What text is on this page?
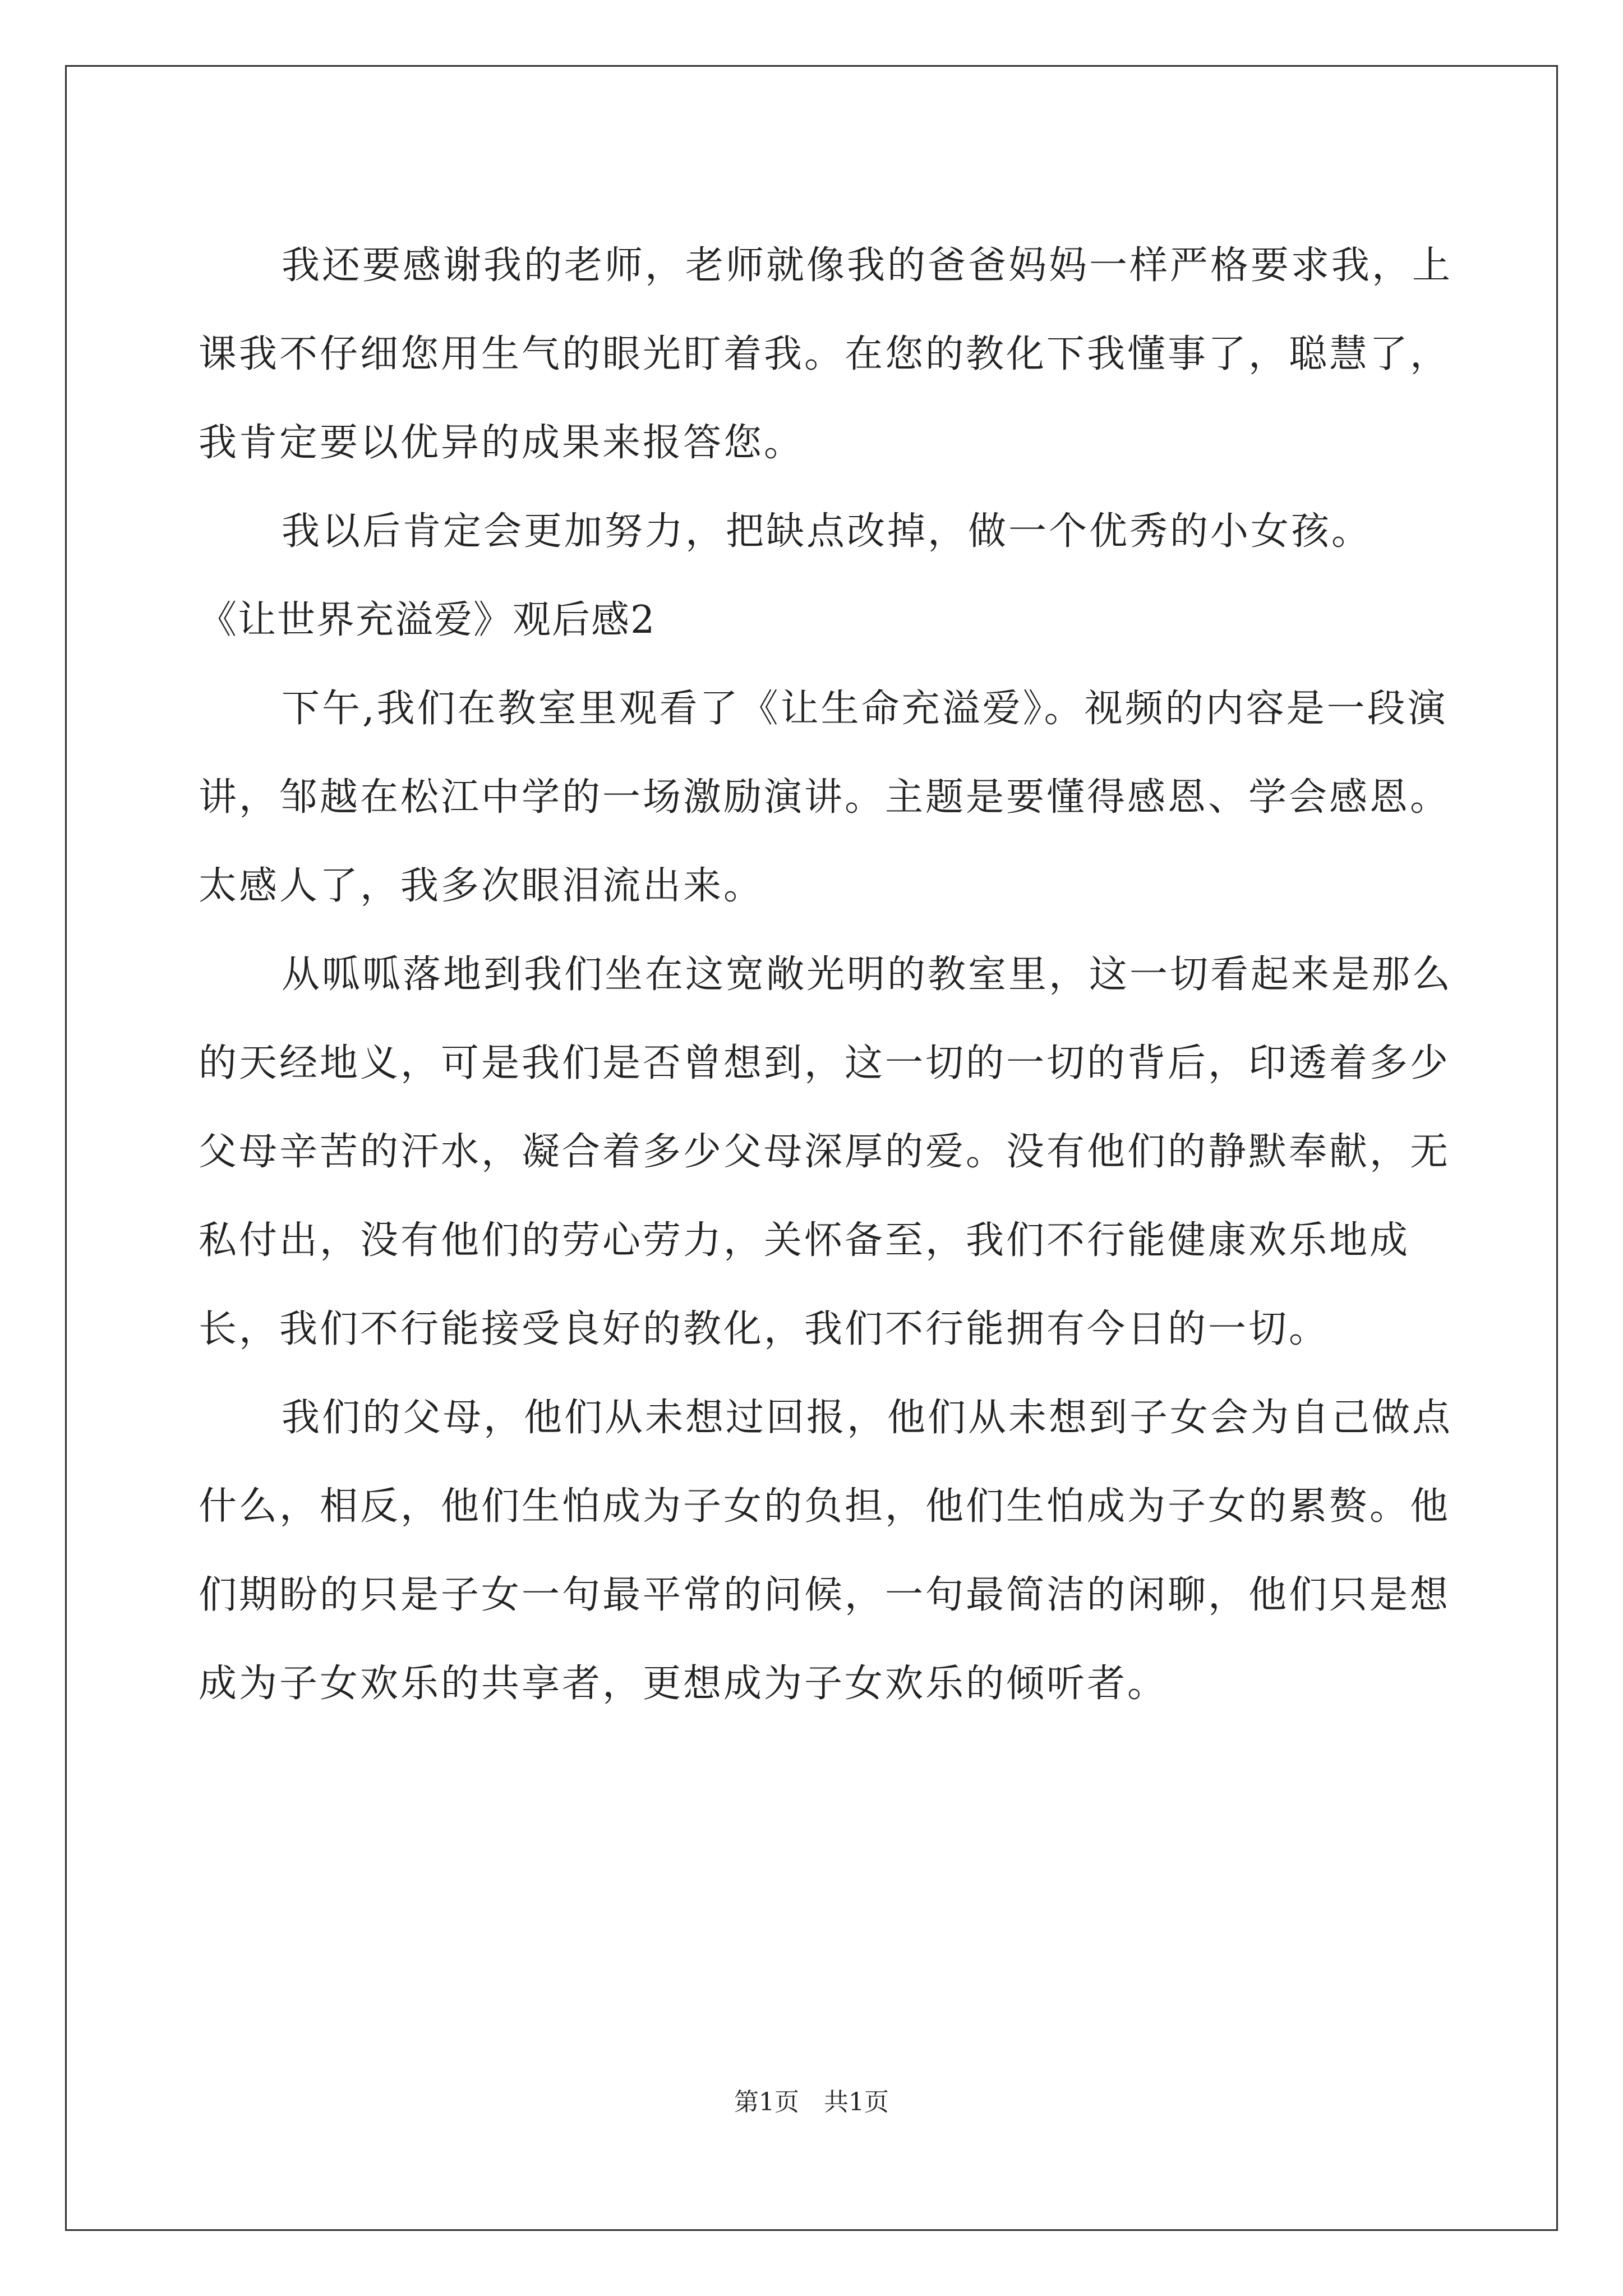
我还要感谢我的老师，老师就像我的爸爸妈妈一样严格要求我，上课我不仔细您用生气的眼光盯着我。在您的教化下我懂事了，聪慧了，我肯定要以优异的成果来报答您。

我以后肯定会更加努力，把缺点改掉，做一个优秀的小女孩。

《让世界充溢爱》观后感2

下午,我们在教室里观看了《让生命充溢爱》。视频的内容是一段演讲，邹越在松江中学的一场激励演讲。主题是要懂得感恩、学会感恩。太感人了，我多次眼泪流出来。

从呱呱落地到我们坐在这宽敞光明的教室里，这一切看起来是那么的天经地义，可是我们是否曾想到，这一切的一切的背后，印透着多少父母辛苦的汗水，凝合着多少父母深厚的爱。没有他们的静默奉献，无私付出，没有他们的劳心劳力，关怀备至，我们不行能健康欢乐地成长，我们不行能接受良好的教化，我们不行能拥有今日的一切。

我们的父母，他们从未想过回报，他们从未想到子女会为自己做点什么，相反，他们生怕成为子女的负担，他们生怕成为子女的累赘。他们期盼的只是子女一句最平常的问候，一句最简洁的闲聊，他们只是想成为子女欢乐的共享者，更想成为子女欢乐的倾听者。

第1页　共1页
